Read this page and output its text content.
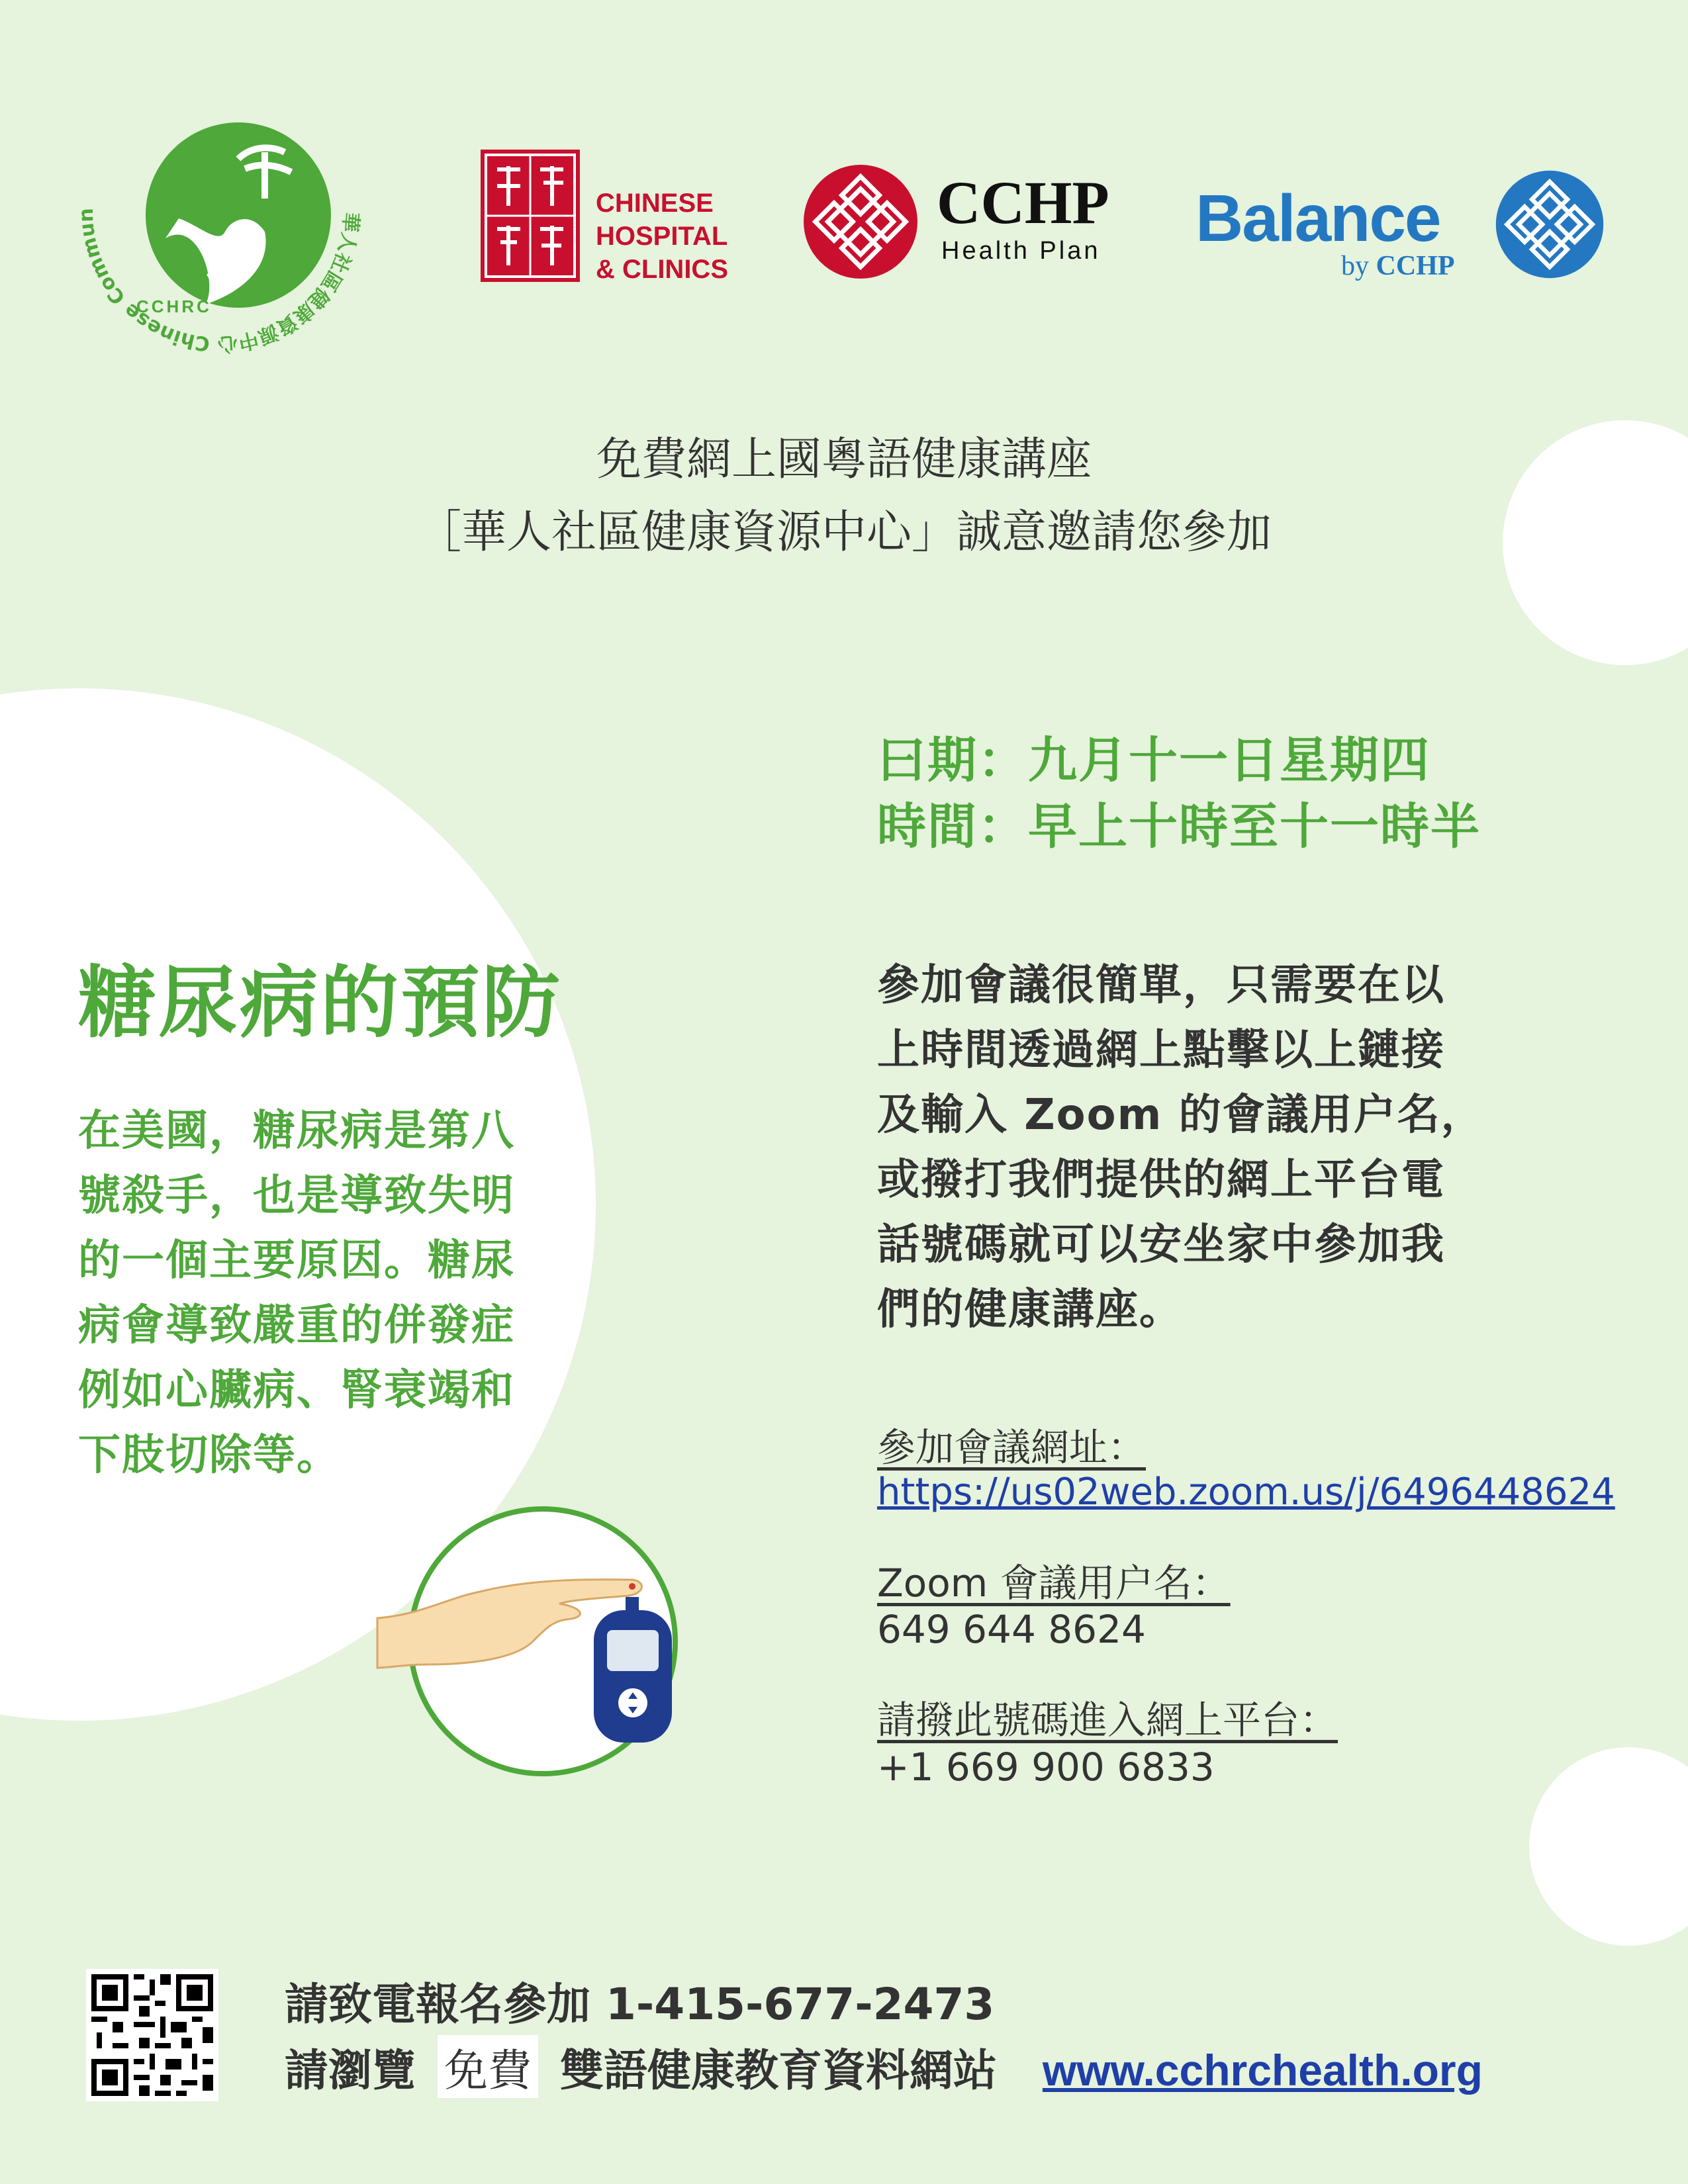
華人社區健康資源中心 Chinese Commun
CCHRC
CHINESE
HOSPITAL
& CLINICS
CCHP
Health Plan Balance
by CCHP
免費網上國粵語健康講座
［華人社區健康資源中心」誠意邀請您參加
曰期：九月十一日星期四
時間：早上十時至十一時半
糖尿病的預防
在美國，糖尿病是第八
號殺手，也是導致失明
的一個主要原因。糖尿
病會導致嚴重的併發症
例如心臟病、腎衰竭和
下肢切除等。
參加會議很簡單，只需要在以
上時間透過網上點擊以上鏈接
及輸入 Zoom 的會議用户名，
或撥打我們提供的網上平台電
話號碼就可以安坐家中參加我
們的健康講座。
參加會議網址：
https://us02web.zoom.us/j/6496448624
Zoom 會議用户名：
649 644 8624
請撥此號碼進入網上平台：
+1 669 900 6833
請致電報名參加 1-415-677-2473
請瀏覽 免費 雙語健康教育資料網站 www.cchrchealth.org
